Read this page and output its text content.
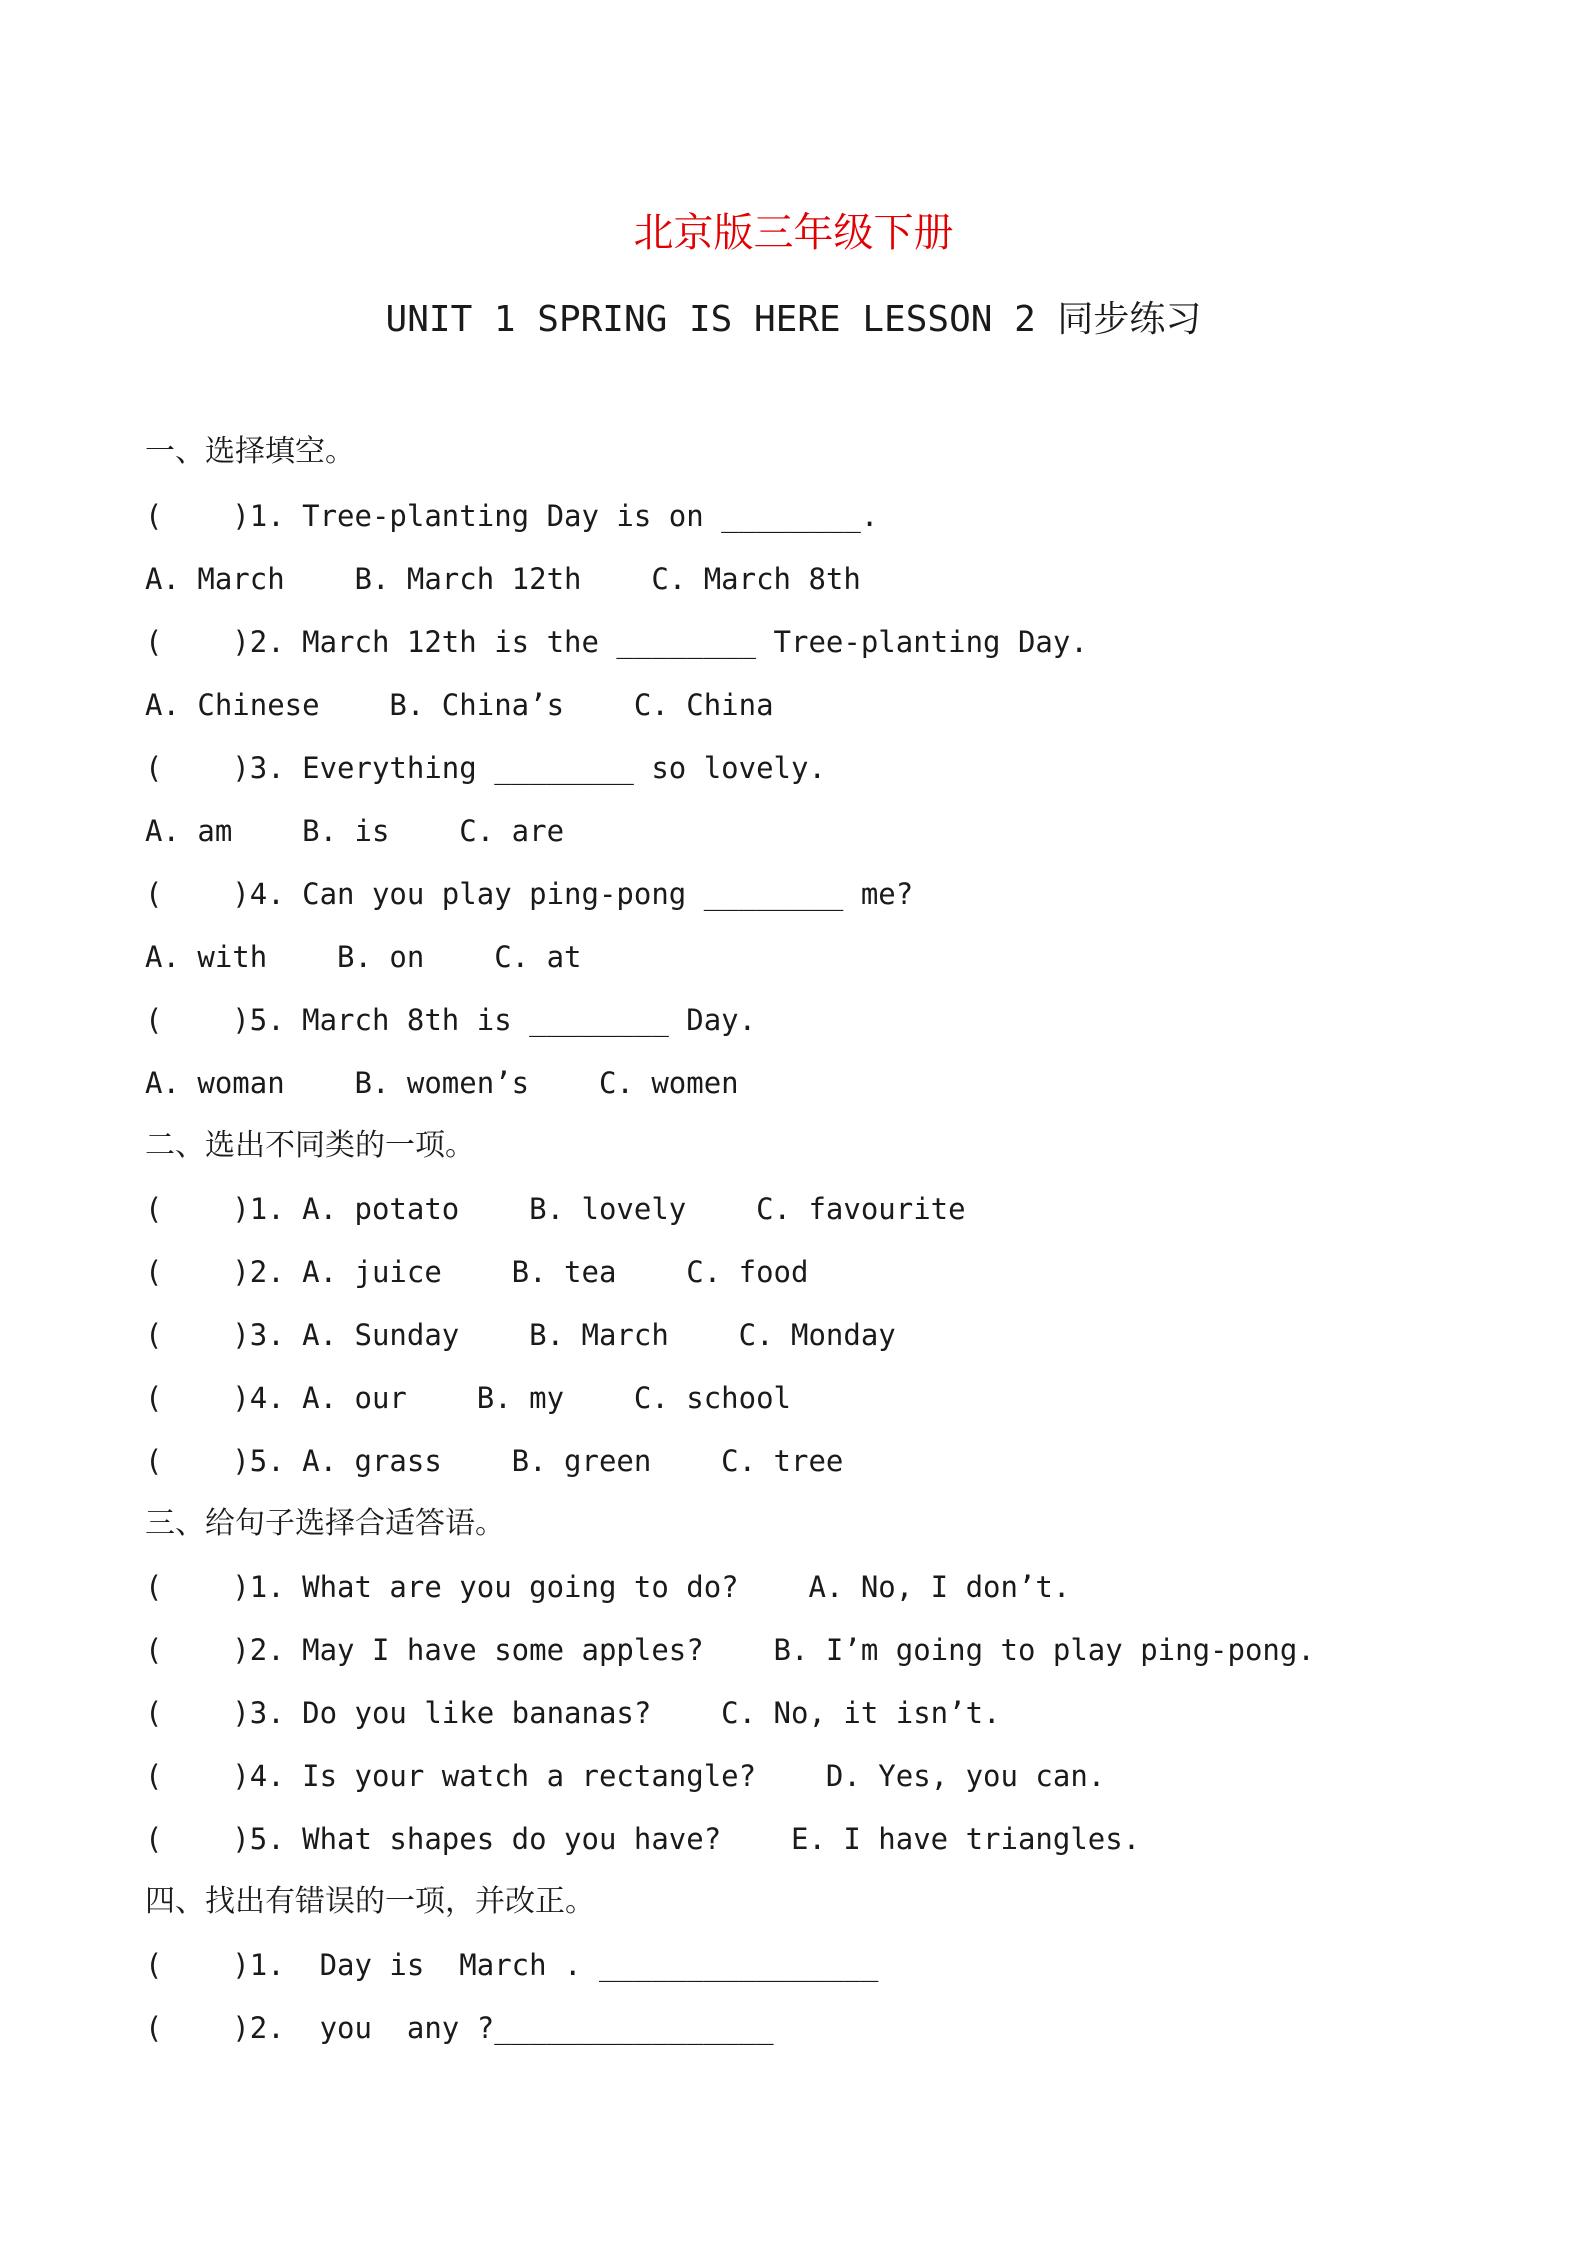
北京版三年级下册
UNIT 1 SPRING IS HERE LESSON 2 同步练习
一、选择填空。
(    )1. Tree-planting Day is on ________.
A. March    B. March 12th    C. March 8th
(    )2. March 12th is the ________ Tree-planting Day.
A. Chinese    B. China’s    C. China
(    )3. Everything ________ so lovely.
A. am    B. is    C. are
(    )4. Can you play ping-pong ________ me?
A. with    B. on    C. at
(    )5. March 8th is ________ Day.
A. woman    B. women’s    C. women
二、选出不同类的一项。
(    )1. A. potato    B. lovely    C. favourite
(    )2. A. juice    B. tea    C. food
(    )3. A. Sunday    B. March    C. Monday
(    )4. A. our    B. my    C. school
(    )5. A. grass    B. green    C. tree
三、给句子选择合适答语。
(    )1. What are you going to do?    A. No, I don’t.
(    )2. May I have some apples?    B. I’m going to play ping-pong.
(    )3. Do you like bananas?    C. No, it isn’t.
(    )4. Is your watch a rectangle?    D. Yes, you can.
(    )5. What shapes do you have?    E. I have triangles.
四、找出有错误的一项，并改正。
(    )1.  Day is  March . ________________
(    )2.  you  any ?________________
